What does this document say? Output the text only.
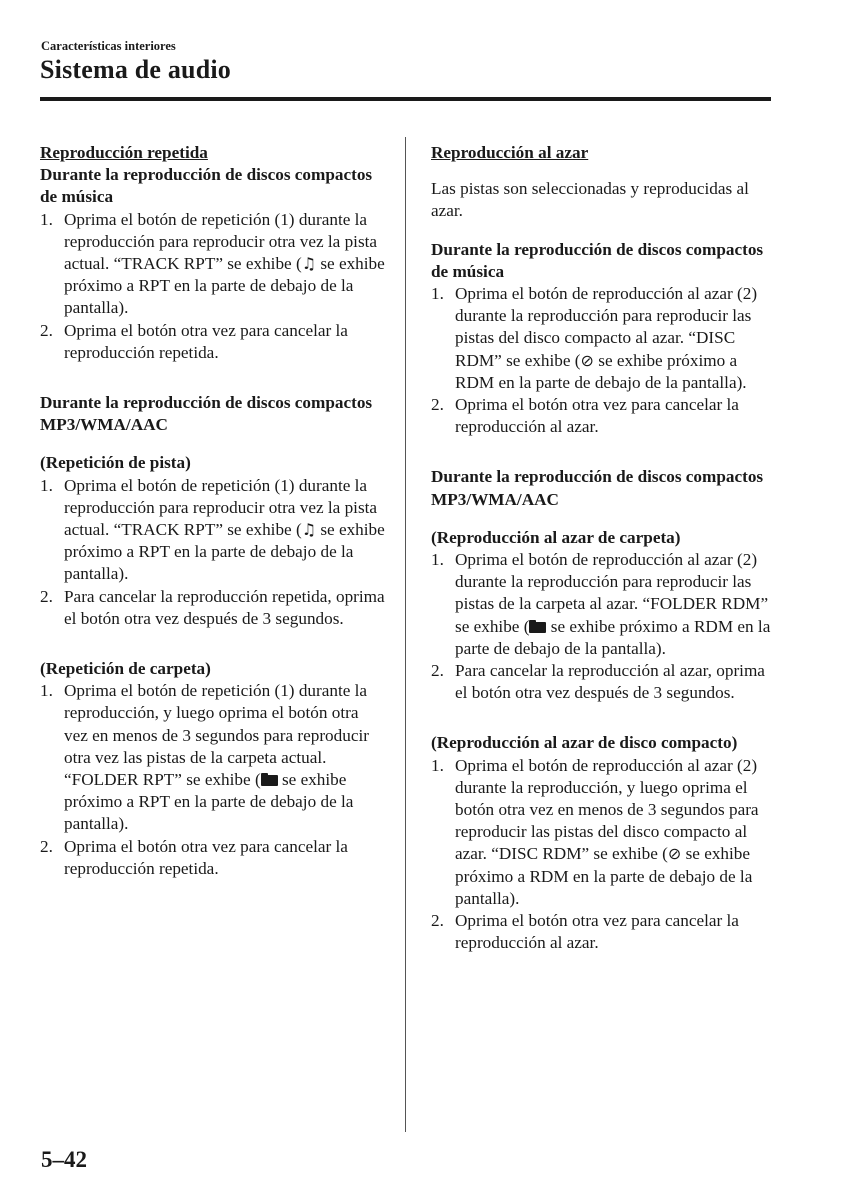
Características interiores
Sistema de audio
Reproducción repetida
Durante la reproducción de discos compactos de música
1. Oprima el botón de repetición (1) durante la reproducción para reproducir otra vez la pista actual. “TRACK RPT” se exhibe (♫ se exhibe próximo a RPT en la parte de debajo de la pantalla).
2. Oprima el botón otra vez para cancelar la reproducción repetida.
Durante la reproducción de discos compactos MP3/WMA/AAC
(Repetición de pista)
1. Oprima el botón de repetición (1) durante la reproducción para reproducir otra vez la pista actual. “TRACK RPT” se exhibe (♫ se exhibe próximo a RPT en la parte de debajo de la pantalla).
2. Para cancelar la reproducción repetida, oprima el botón otra vez después de 3 segundos.
(Repetición de carpeta)
1. Oprima el botón de repetición (1) durante la reproducción, y luego oprima el botón otra vez en menos de 3 segundos para reproducir otra vez las pistas de la carpeta actual. “FOLDER RPT” se exhibe ( se exhibe próximo a RPT en la parte de debajo de la pantalla).
2. Oprima el botón otra vez para cancelar la reproducción repetida.
Reproducción al azar

Las pistas son seleccionadas y reproducidas al azar.

Durante la reproducción de discos compactos de música
1. Oprima el botón de reproducción al azar (2) durante la reproducción para reproducir las pistas del disco compacto al azar. “DISC RDM” se exhibe (⊘ se exhibe próximo a RDM en la parte de debajo de la pantalla).
2. Oprima el botón otra vez para cancelar la reproducción al azar.
Durante la reproducción de discos compactos MP3/WMA/AAC
(Reproducción al azar de carpeta)
1. Oprima el botón de reproducción al azar (2) durante la reproducción para reproducir las pistas de la carpeta al azar. “FOLDER RDM” se exhibe ( se exhibe próximo a RDM en la parte de debajo de la pantalla).
2. Para cancelar la reproducción al azar, oprima el botón otra vez después de 3 segundos.
(Reproducción al azar de disco compacto)
1. Oprima el botón de reproducción al azar (2) durante la reproducción, y luego oprima el botón otra vez en menos de 3 segundos para reproducir las pistas del disco compacto al azar. “DISC RDM” se exhibe (⊘ se exhibe próximo a RDM en la parte de debajo de la pantalla).
2. Oprima el botón otra vez para cancelar la reproducción al azar.
5–42
